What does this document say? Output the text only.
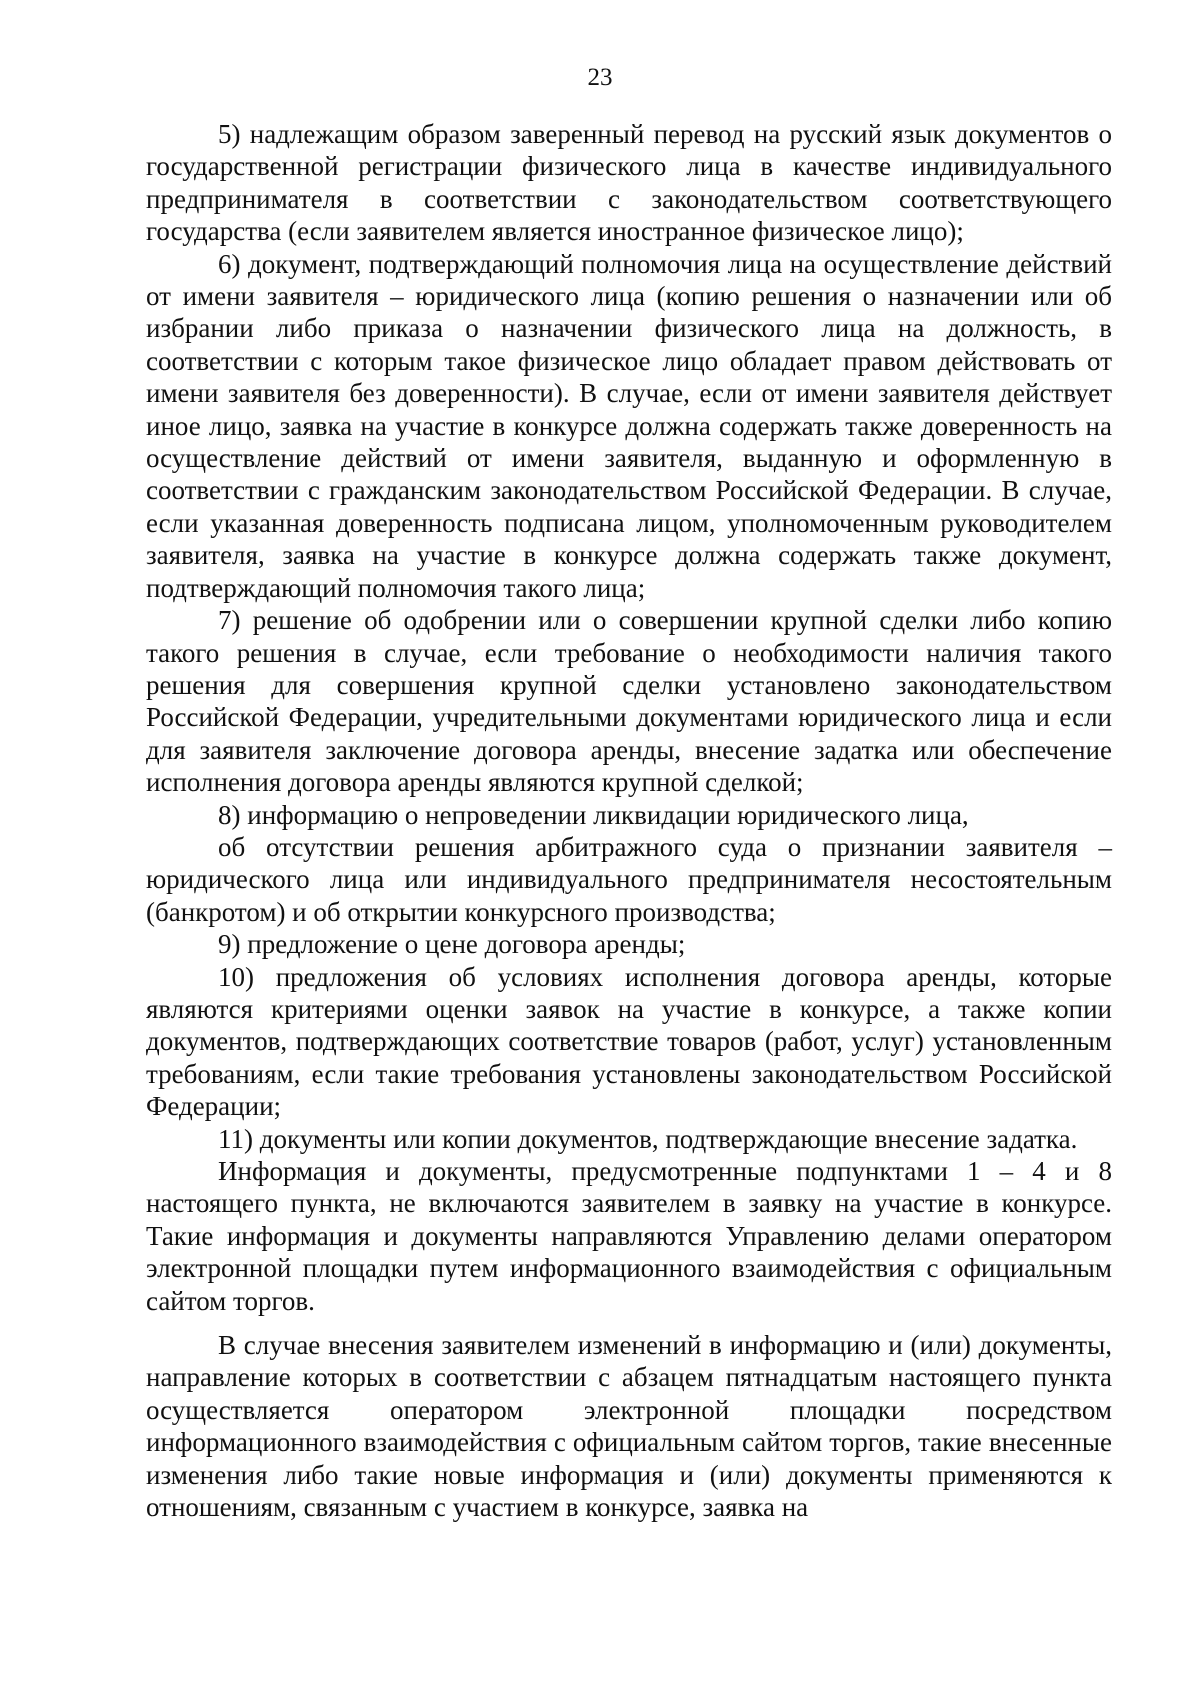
23

5) надлежащим образом заверенный перевод на русский язык документов о государственной регистрации физического лица в качестве индивидуального предпринимателя в соответствии с законодательством соответствующего государства (если заявителем является иностранное физическое лицо);

6) документ, подтверждающий полномочия лица на осуществление действий от имени заявителя – юридического лица (копию решения о назначении или об избрании либо приказа о назначении физического лица на должность, в соответствии с которым такое физическое лицо обладает правом действовать от имени заявителя без доверенности). В случае, если от имени заявителя действует иное лицо, заявка на участие в конкурсе должна содержать также доверенность на осуществление действий от имени заявителя, выданную и оформленную в соответствии с гражданским законодательством Российской Федерации. В случае, если указанная доверенность подписана лицом, уполномоченным руководителем заявителя, заявка на участие в конкурсе должна содержать также документ, подтверждающий полномочия такого лица;

7) решение об одобрении или о совершении крупной сделки либо копию такого решения в случае, если требование о необходимости наличия такого решения для совершения крупной сделки установлено законодательством Российской Федерации, учредительными документами юридического лица и если для заявителя заключение договора аренды, внесение задатка или обеспечение исполнения договора аренды являются крупной сделкой;

8) информацию о непроведении ликвидации юридического лица,

об отсутствии решения арбитражного суда о признании заявителя – юридического лица или индивидуального предпринимателя несостоятельным (банкротом) и об открытии конкурсного производства;

9) предложение о цене договора аренды;

10) предложения об условиях исполнения договора аренды, которые являются критериями оценки заявок на участие в конкурсе, а также копии документов, подтверждающих соответствие товаров (работ, услуг) установленным требованиям, если такие требования установлены законодательством Российской Федерации;

11) документы или копии документов, подтверждающие внесение задатка.

Информация и документы, предусмотренные подпунктами 1 – 4 и 8 настоящего пункта, не включаются заявителем в заявку на участие в конкурсе. Такие информация и документы направляются Управлению делами оператором электронной площадки путем информационного взаимодействия с официальным сайтом торгов.

В случае внесения заявителем изменений в информацию и (или) документы, направление которых в соответствии с абзацем пятнадцатым настоящего пункта осуществляется оператором электронной площадки посредством информационного взаимодействия с официальным сайтом торгов, такие внесенные изменения либо такие новые информация и (или) документы применяются к отношениям, связанным с участием в конкурсе, заявка на
